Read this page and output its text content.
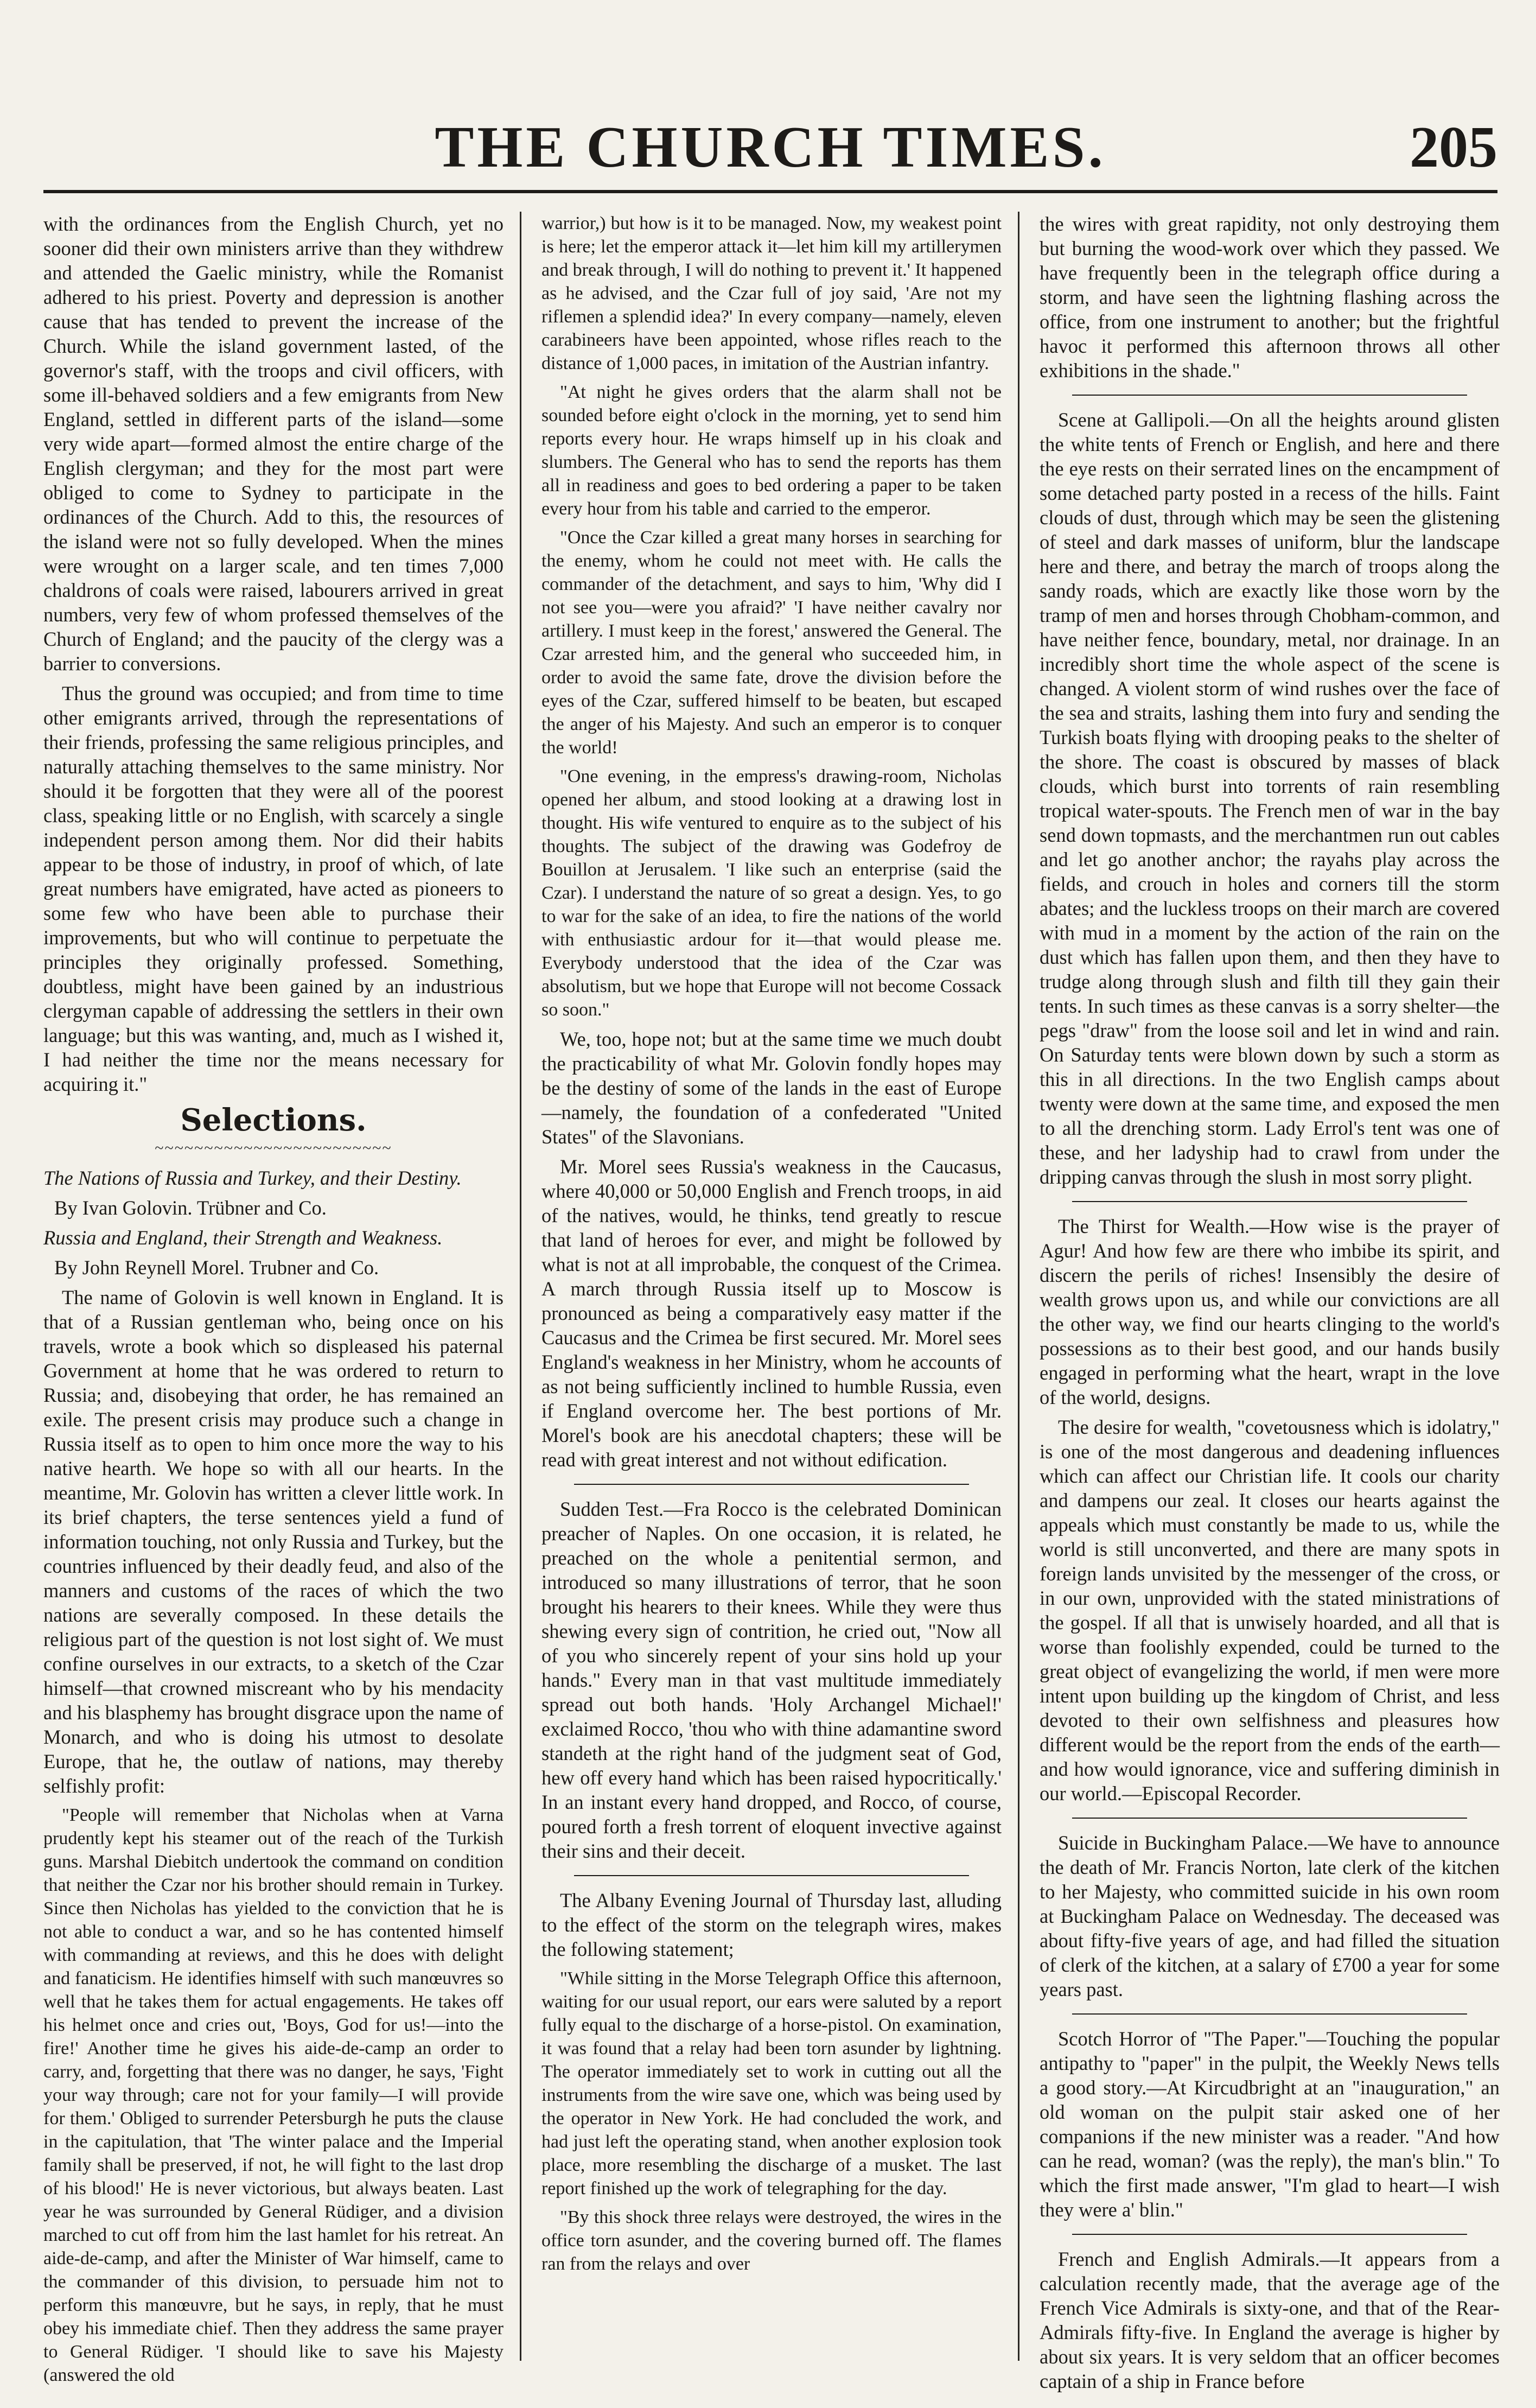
THE CHURCH TIMES.	205

with the ordinances from the English Church, yet no sooner did their own ministers arrive than they withdrew and attended the Gaelic ministry, while the Romanist adhered to his priest. Poverty and depression is another cause that has tended to prevent the increase of the Church. While the island government lasted, of the governor's staff, with the troops and civil officers, with some ill-behaved soldiers and a few emigrants from New England, settled in different parts of the island—some very wide apart—formed almost the entire charge of the English clergyman; and they for the most part were obliged to come to Sydney to participate in the ordinances of the Church. Add to this, the resources of the island were not so fully developed. When the mines were wrought on a larger scale, and ten times 7,000 chaldrons of coals were raised, labourers arrived in great numbers, very few of whom professed themselves of the Church of England; and the paucity of the clergy was a barrier to conversions.

Thus the ground was occupied; and from time to time other emigrants arrived, through the representations of their friends, professing the same religious principles, and naturally attaching themselves to the same ministry. Nor should it be forgotten that they were all of the poorest class, speaking little or no English, with scarcely a single independent person among them. Nor did their habits appear to be those of industry, in proof of which, of late great numbers have emigrated, have acted as pioneers to some few who have been able to purchase their improvements, but who will continue to perpetuate the principles they originally professed. Something, doubtless, might have been gained by an industrious clergyman capable of addressing the settlers in their own language; but this was wanting, and, much as I wished it, I had neither the time nor the means necessary for acquiring it."

Selections.
~~~~~~~~~~~~~~~~~~~~~~~~

The Nations of Russia and Turkey, and their Destiny.

By Ivan Golovin. Trübner and Co.

Russia and England, their Strength and Weakness.

By John Reynell Morel. Trubner and Co.

The name of Golovin is well known in England. It is that of a Russian gentleman who, being once on his travels, wrote a book which so displeased his paternal Government at home that he was ordered to return to Russia; and, disobeying that order, he has remained an exile. The present crisis may produce such a change in Russia itself as to open to him once more the way to his native hearth. We hope so with all our hearts. In the meantime, Mr. Golovin has written a clever little work. In its brief chapters, the terse sentences yield a fund of information touching, not only Russia and Turkey, but the countries influenced by their deadly feud, and also of the manners and customs of the races of which the two nations are severally composed. In these details the religious part of the question is not lost sight of. We must confine ourselves in our extracts, to a sketch of the Czar himself—that crowned miscreant who by his mendacity and his blasphemy has brought disgrace upon the name of Monarch, and who is doing his utmost to desolate Europe, that he, the outlaw of nations, may thereby selfishly profit:

"People will remember that Nicholas when at Varna prudently kept his steamer out of the reach of the Turkish guns. Marshal Diebitch undertook the command on condition that neither the Czar nor his brother should remain in Turkey. Since then Nicholas has yielded to the conviction that he is not able to conduct a war, and so he has contented himself with commanding at reviews, and this he does with delight and fanaticism. He identifies himself with such manœuvres so well that he takes them for actual engagements. He takes off his helmet once and cries out, 'Boys, God for us!—into the fire!' Another time he gives his aide-de-camp an order to carry, and, forgetting that there was no danger, he says, 'Fight your way through; care not for your family—I will provide for them.' Obliged to surrender Petersburgh he puts the clause in the capitulation, that 'The winter palace and the Imperial family shall be preserved, if not, he will fight to the last drop of his blood!' He is never victorious, but always beaten. Last year he was surrounded by General Rüdiger, and a division marched to cut off from him the last hamlet for his retreat. An aide-de-camp, and after the Minister of War himself, came to the commander of this division, to persuade him not to perform this manœuvre, but he says, in reply, that he must obey his immediate chief. Then they address the same prayer to General Rüdiger. 'I should like to save his Majesty (answered the old

warrior,) but how is it to be managed. Now, my weakest point is here; let the emperor attack it—let him kill my artillerymen and break through, I will do nothing to prevent it.' It happened as he advised, and the Czar full of joy said, 'Are not my riflemen a splendid idea?' In every company—namely, eleven carabineers have been appointed, whose rifles reach to the distance of 1,000 paces, in imitation of the Austrian infantry.

"At night he gives orders that the alarm shall not be sounded before eight o'clock in the morning, yet to send him reports every hour. He wraps himself up in his cloak and slumbers. The General who has to send the reports has them all in readiness and goes to bed ordering a paper to be taken every hour from his table and carried to the emperor.

"Once the Czar killed a great many horses in searching for the enemy, whom he could not meet with. He calls the commander of the detachment, and says to him, 'Why did I not see you—were you afraid?' 'I have neither cavalry nor artillery. I must keep in the forest,' answered the General. The Czar arrested him, and the general who succeeded him, in order to avoid the same fate, drove the division before the eyes of the Czar, suffered himself to be beaten, but escaped the anger of his Majesty. And such an emperor is to conquer the world!

"One evening, in the empress's drawing-room, Nicholas opened her album, and stood looking at a drawing lost in thought. His wife ventured to enquire as to the subject of his thoughts. The subject of the drawing was Godefroy de Bouillon at Jerusalem. 'I like such an enterprise (said the Czar). I understand the nature of so great a design. Yes, to go to war for the sake of an idea, to fire the nations of the world with enthusiastic ardour for it—that would please me. Everybody understood that the idea of the Czar was absolutism, but we hope that Europe will not become Cossack so soon."

We, too, hope not; but at the same time we much doubt the practicability of what Mr. Golovin fondly hopes may be the destiny of some of the lands in the east of Europe—namely, the foundation of a confederated "United States" of the Slavonians.

Mr. Morel sees Russia's weakness in the Caucasus, where 40,000 or 50,000 English and French troops, in aid of the natives, would, he thinks, tend greatly to rescue that land of heroes for ever, and might be followed by what is not at all improbable, the conquest of the Crimea. A march through Russia itself up to Moscow is pronounced as being a comparatively easy matter if the Caucasus and the Crimea be first secured. Mr. Morel sees England's weakness in her Ministry, whom he accounts of as not being sufficiently inclined to humble Russia, even if England overcome her. The best portions of Mr. Morel's book are his anecdotal chapters; these will be read with great interest and not without edification.

Sudden Test.—Fra Rocco is the celebrated Dominican preacher of Naples. On one occasion, it is related, he preached on the whole a penitential sermon, and introduced so many illustrations of terror, that he soon brought his hearers to their knees. While they were thus shewing every sign of contrition, he cried out, "Now all of you who sincerely repent of your sins hold up your hands." Every man in that vast multitude immediately spread out both hands. 'Holy Archangel Michael!' exclaimed Rocco, 'thou who with thine adamantine sword standeth at the right hand of the judgment seat of God, hew off every hand which has been raised hypocritically.' In an instant every hand dropped, and Rocco, of course, poured forth a fresh torrent of eloquent invective against their sins and their deceit.

The Albany Evening Journal of Thursday last, alluding to the effect of the storm on the telegraph wires, makes the following statement;

"While sitting in the Morse Telegraph Office this afternoon, waiting for our usual report, our ears were saluted by a report fully equal to the discharge of a horse-pistol. On examination, it was found that a relay had been torn asunder by lightning. The operator immediately set to work in cutting out all the instruments from the wire save one, which was being used by the operator in New York. He had concluded the work, and had just left the operating stand, when another explosion took place, more resembling the discharge of a musket. The last report finished up the work of telegraphing for the day.

"By this shock three relays were destroyed, the wires in the office torn asunder, and the covering burned off. The flames ran from the relays and over

the wires with great rapidity, not only destroying them but burning the wood-work over which they passed. We have frequently been in the telegraph office during a storm, and have seen the lightning flashing across the office, from one instrument to another; but the frightful havoc it performed this afternoon throws all other exhibitions in the shade."

Scene at Gallipoli.—On all the heights around glisten the white tents of French or English, and here and there the eye rests on their serrated lines on the encampment of some detached party posted in a recess of the hills. Faint clouds of dust, through which may be seen the glistening of steel and dark masses of uniform, blur the landscape here and there, and betray the march of troops along the sandy roads, which are exactly like those worn by the tramp of men and horses through Chobham-common, and have neither fence, boundary, metal, nor drainage. In an incredibly short time the whole aspect of the scene is changed. A violent storm of wind rushes over the face of the sea and straits, lashing them into fury and sending the Turkish boats flying with drooping peaks to the shelter of the shore. The coast is obscured by masses of black clouds, which burst into torrents of rain resembling tropical water-spouts. The French men of war in the bay send down topmasts, and the merchantmen run out cables and let go another anchor; the rayahs play across the fields, and crouch in holes and corners till the storm abates; and the luckless troops on their march are covered with mud in a moment by the action of the rain on the dust which has fallen upon them, and then they have to trudge along through slush and filth till they gain their tents. In such times as these canvas is a sorry shelter—the pegs "draw" from the loose soil and let in wind and rain. On Saturday tents were blown down by such a storm as this in all directions. In the two English camps about twenty were down at the same time, and exposed the men to all the drenching storm. Lady Errol's tent was one of these, and her ladyship had to crawl from under the dripping canvas through the slush in most sorry plight.

The Thirst for Wealth.—How wise is the prayer of Agur! And how few are there who imbibe its spirit, and discern the perils of riches! Insensibly the desire of wealth grows upon us, and while our convictions are all the other way, we find our hearts clinging to the world's possessions as to their best good, and our hands busily engaged in performing what the heart, wrapt in the love of the world, designs.

The desire for wealth, "covetousness which is idolatry," is one of the most dangerous and deadening influences which can affect our Christian life. It cools our charity and dampens our zeal. It closes our hearts against the appeals which must constantly be made to us, while the world is still unconverted, and there are many spots in foreign lands unvisited by the messenger of the cross, or in our own, unprovided with the stated ministrations of the gospel. If all that is unwisely hoarded, and all that is worse than foolishly expended, could be turned to the great object of evangelizing the world, if men were more intent upon building up the kingdom of Christ, and less devoted to their own selfishness and pleasures how different would be the report from the ends of the earth—and how would ignorance, vice and suffering diminish in our world.—Episcopal Recorder.

Suicide in Buckingham Palace.—We have to announce the death of Mr. Francis Norton, late clerk of the kitchen to her Majesty, who committed suicide in his own room at Buckingham Palace on Wednesday. The deceased was about fifty-five years of age, and had filled the situation of clerk of the kitchen, at a salary of £700 a year for some years past.

Scotch Horror of "The Paper."—Touching the popular antipathy to "paper" in the pulpit, the Weekly News tells a good story.—At Kircudbright at an "inauguration," an old woman on the pulpit stair asked one of her companions if the new minister was a reader. "And how can he read, woman? (was the reply), the man's blin." To which the first made answer, "I'm glad to heart—I wish they were a' blin."

French and English Admirals.—It appears from a calculation recently made, that the average age of the French Vice Admirals is sixty-one, and that of the Rear-Admirals fifty-five. In England the average is higher by about six years. It is very seldom that an officer becomes captain of a ship in France before
